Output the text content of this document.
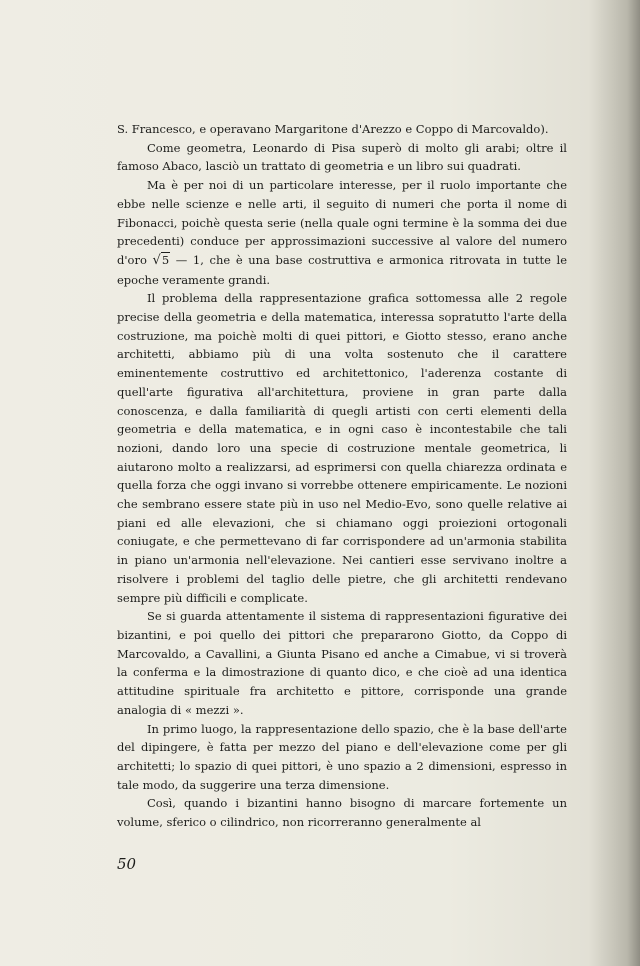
S. Francesco, e operavano Margaritone d'Arezzo e Coppo di Marcovaldo).

Come geometra, Leonardo di Pisa superò di molto gli arabi; oltre il famoso Abaco, lasciò un trattato di geometria e un libro sui quadrati.

Ma è per noi di un particolare interesse, per il ruolo importante che ebbe nelle scienze e nelle arti, il seguito di numeri che porta il nome di Fibonacci, poichè questa serie (nella quale ogni termine è la somma dei due precedenti) conduce per approssimazioni successive al valore del numero d'oro √5 — 1, che è una base costruttiva e armonica ritrovata in tutte le epoche veramente grandi.

Il problema della rappresentazione grafica sottomessa alle 2 regole precise della geometria e della matematica, interessa sopratutto l'arte della costruzione, ma poichè molti di quei pittori, e Giotto stesso, erano anche architetti, abbiamo più di una volta sostenuto che il carattere eminentemente costruttivo ed architettonico, l'aderenza costante di quell'arte figurativa all'architettura, proviene in gran parte dalla conoscenza, e dalla familiarità di quegli artisti con certi elementi della geometria e della matematica, e in ogni caso è incontestabile che tali nozioni, dando loro una specie di costruzione mentale geometrica, li aiutarono molto a realizzarsi, ad esprimersi con quella chiarezza ordinata e quella forza che oggi invano si vorrebbe ottenere empiricamente. Le nozioni che sembrano essere state più in uso nel Medio-Evo, sono quelle relative ai piani ed alle elevazioni, che si chiamano oggi proiezioni ortogonali coniugate, e che permettevano di far corrispondere ad un'armonia stabilita in piano un'armonia nell'elevazione. Nei cantieri esse servivano inoltre a risolvere i problemi del taglio delle pietre, che gli architetti rendevano sempre più difficili e complicate.

Se si guarda attentamente il sistema di rappresentazioni figurative dei bizantini, e poi quello dei pittori che prepararono Giotto, da Coppo di Marcovaldo, a Cavallini, a Giunta Pisano ed anche a Cimabue, vi si troverà la conferma e la dimostrazione di quanto dico, e che cioè ad una identica attitudine spirituale fra architetto e pittore, corrisponde una grande analogia di « mezzi ».

In primo luogo, la rappresentazione dello spazio, che è la base dell'arte del dipingere, è fatta per mezzo del piano e dell'elevazione come per gli architetti; lo spazio di quei pittori, è uno spazio a 2 dimensioni, espresso in tale modo, da suggerire una terza dimensione.

Così, quando i bizantini hanno bisogno di marcare fortemente un volume, sferico o cilindrico, non ricorreranno generalmente al

50
